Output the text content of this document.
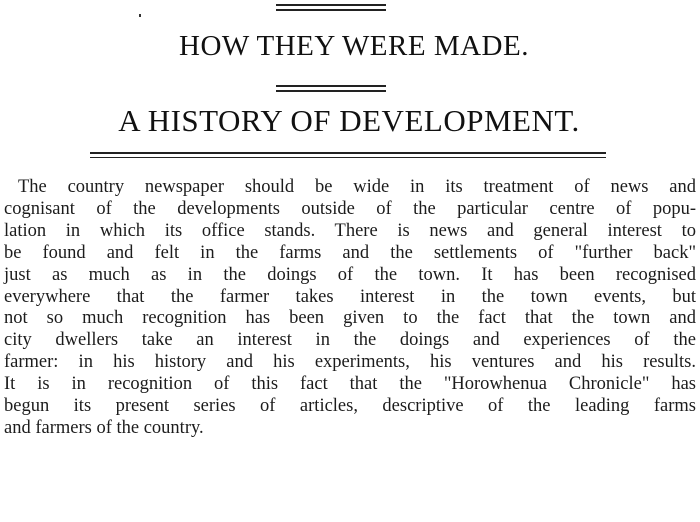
HOW THEY WERE MADE.
A HISTORY OF DEVELOPMENT.

The country newspaper should be wide in its treatment of news and
cognisant of the developments outside of the particular centre of popu-
lation in which its office stands. There is news and general interest to
be found and felt in the farms and the settlements of "further back"
just as much as in the doings of the town. It has been recognised
everywhere that the farmer takes interest in the town events, but
not so much recognition has been given to the fact that the town and
city dwellers take an interest in the doings and experiences of the
farmer: in his history and his experiments, his ventures and his results.
It is in recognition of this fact that the "Horowhenua Chronicle" has
begun its present series of articles, descriptive of the leading farms
and farmers of the country.
